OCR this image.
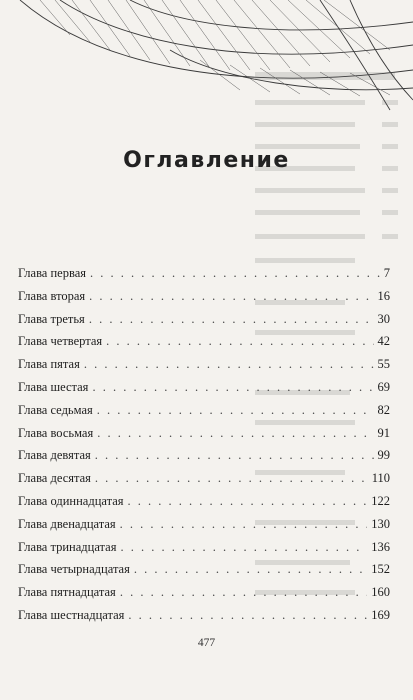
Оглавление
Глава первая . . .	7
Глава вторая . . .	16
Глава третья . . .	30
Глава четвертая . . .	42
Глава пятая . . .	55
Глава шестая . . .	69
Глава седьмая . . .	82
Глава восьмая . . .	91
Глава девятая . . .	99
Глава десятая . . .	110
Глава одиннадцатая . . .	122
Глава двенадцатая . . .	130
Глава тринадцатая . . .	136
Глава четырнадцатая . . .	152
Глава пятнадцатая . . .	160
Глава шестнадцатая . . .	169
477
